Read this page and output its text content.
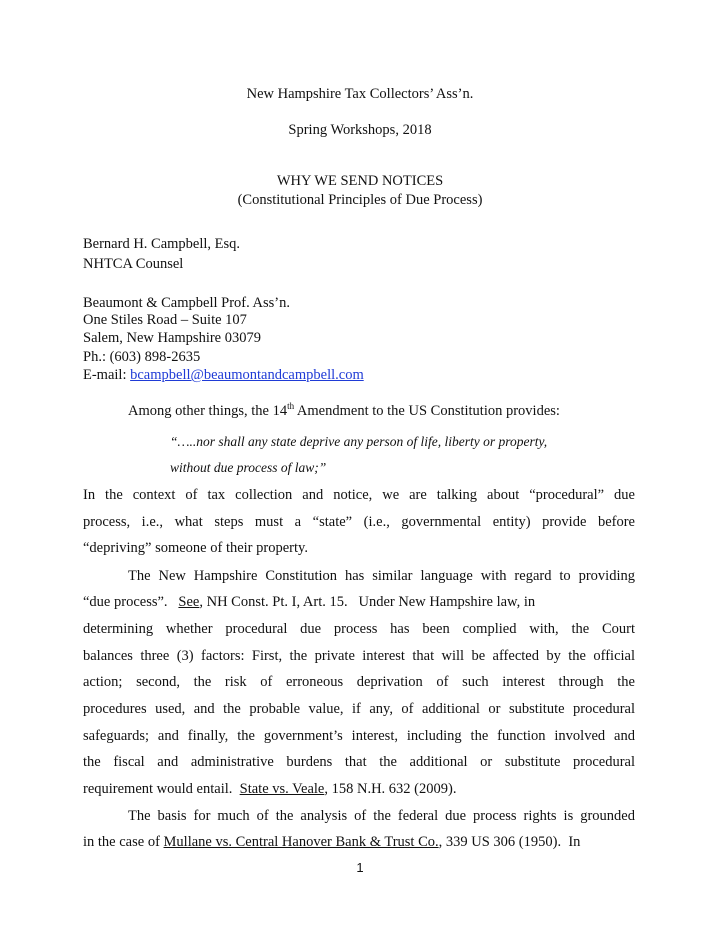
New Hampshire Tax Collectors’ Ass’n.
Spring Workshops, 2018
WHY WE SEND NOTICES
(Constitutional Principles of Due Process)
Bernard H. Campbell, Esq.
NHTCA Counsel
Beaumont & Campbell Prof. Ass’n.
One Stiles Road – Suite 107
Salem, New Hampshire 03079
Ph.: (603) 898-2635
E-mail: bcampbell@beaumontandcampbell.com
Among other things, the 14th Amendment to the US Constitution provides:
“…..nor shall any state deprive any person of life, liberty or property,
without due process of law;”
In the context of tax collection and notice, we are talking about “procedural” due
process, i.e., what steps must a “state” (i.e., governmental entity) provide before
“depriving” someone of their property.
The New Hampshire Constitution has similar language with regard to providing
“due process”.   See, NH Const. Pt. I, Art. 15.   Under New Hampshire law, in
determining whether procedural due process has been complied with, the Court
balances three (3) factors: First, the private interest that will be affected by the official
action; second, the risk of erroneous deprivation of such interest through the
procedures used, and the probable value, if any, of additional or substitute procedural
safeguards; and finally, the government’s interest, including the function involved and
the fiscal and administrative burdens that the additional or substitute procedural
requirement would entail.  State vs. Veale, 158 N.H. 632 (2009).
The basis for much of the analysis of the federal due process rights is grounded
in the case of Mullane vs. Central Hanover Bank & Trust Co., 339 US 306 (1950).  In
1
